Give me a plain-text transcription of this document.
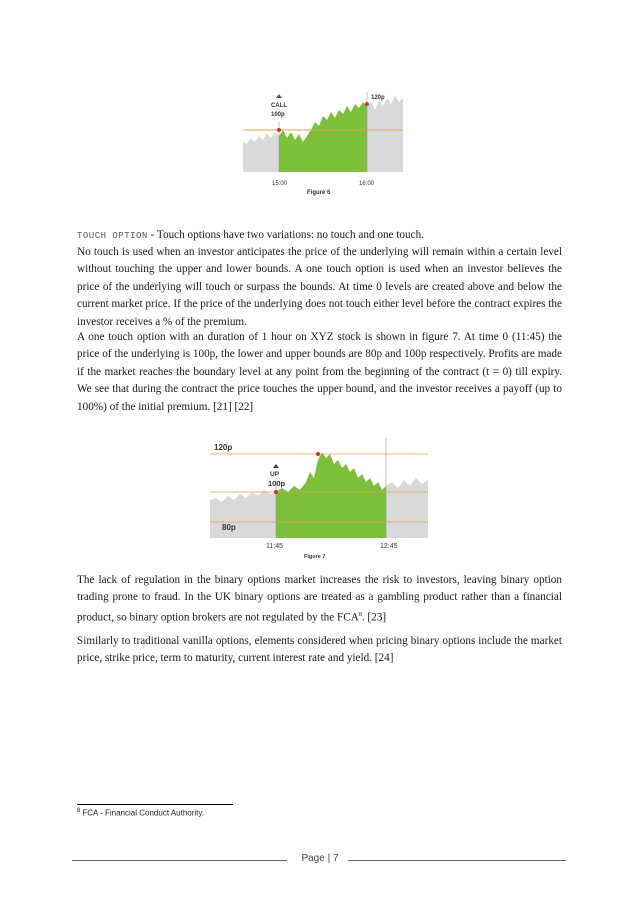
CALL
100p
120p
15:00	16:00
Figure 6
TOUCH OPTION - Touch options have two variations: no touch and one touch.
No touch is used when an investor anticipates the price of the underlying will remain within a certain level without touching the upper and lower bounds. A one touch option is used when an investor believes the price of the underlying will touch or surpass the bounds. At time 0 levels are created above and below the current market price. If the price of the underlying does not touch either level before the contract expires the investor receives a % of the premium.
A one touch option with an duration of 1 hour on XYZ stock is shown in figure 7. At time 0 (11:45) the price of the underlying is 100p, the lower and upper bounds are 80p and 100p respectively. Profits are made if the market reaches the boundary level at any point from the beginning of the contract (t = 0) till expiry. We see that during the contract the price touches the upper bound, and the investor receives a payoff (up to 100%) of the initial premium. [21] [22]
120p
UP
100p
80p
11:45	12:45
Figure 7
The lack of regulation in the binary options market increases the risk to investors, leaving binary option trading prone to fraud. In the UK binary options are treated as a gambling product rather than a financial product, so binary option brokers are not regulated by the FCA$^8$. [23]
Similarly to traditional vanilla options, elements considered when pricing binary options include the market price, strike price, term to maturity, current interest rate and yield. [24]
$^8$ FCA - Financial Conduct Authority.
Page | 7
